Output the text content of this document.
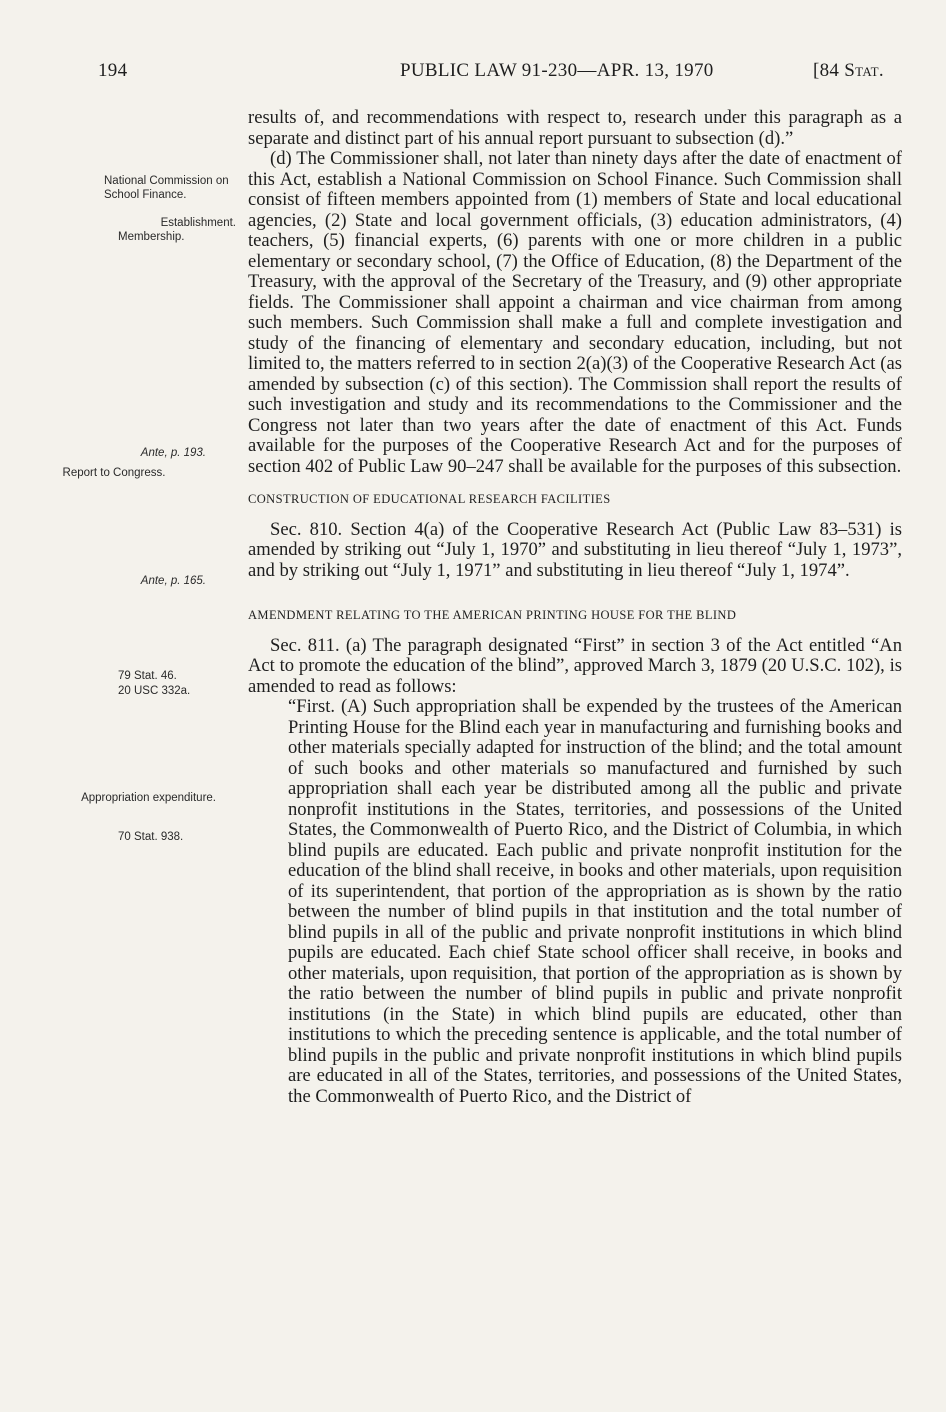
194	PUBLIC LAW 91-230—APR. 13, 1970	[84 Stat.
National Commission on School Finance.
Establishment.
Membership.
Ante, p. 193.
Report to Congress.
Ante, p. 165.
79 Stat. 46.
20 USC 332a.
Appropriation expenditure.
70 Stat. 938.

results of, and recommendations with respect to, research under this paragraph as a separate and distinct part of his annual report pursuant to subsection (d).”

(d) The Commissioner shall, not later than ninety days after the date of enactment of this Act, establish a National Commission on School Finance. Such Commission shall consist of fifteen members appointed from (1) members of State and local educational agencies, (2) State and local government officials, (3) education administrators, (4) teachers, (5) financial experts, (6) parents with one or more children in a public elementary or secondary school, (7) the Office of Education, (8) the Department of the Treasury, with the approval of the Secretary of the Treasury, and (9) other appropriate fields. The Commissioner shall appoint a chairman and vice chairman from among such members. Such Commission shall make a full and complete investigation and study of the financing of elementary and secondary education, including, but not limited to, the matters referred to in section 2(a)(3) of the Cooperative Research Act (as amended by subsection (c) of this section). The Commission shall report the results of such investigation and study and its recommendations to the Commissioner and the Congress not later than two years after the date of enactment of this Act. Funds available for the purposes of the Cooperative Research Act and for the purposes of section 402 of Public Law 90–247 shall be available for the purposes of this subsection.

CONSTRUCTION OF EDUCATIONAL RESEARCH FACILITIES

Sec. 810. Section 4(a) of the Cooperative Research Act (Public Law 83–531) is amended by striking out “July 1, 1970” and substituting in lieu thereof “July 1, 1973”, and by striking out “July 1, 1971” and substituting in lieu thereof “July 1, 1974”.

AMENDMENT RELATING TO THE AMERICAN PRINTING HOUSE FOR THE BLIND

Sec. 811. (a) The paragraph designated “First” in section 3 of the Act entitled “An Act to promote the education of the blind”, approved March 3, 1879 (20 U.S.C. 102), is amended to read as follows:

“First. (A) Such appropriation shall be expended by the trustees of the American Printing House for the Blind each year in manufacturing and furnishing books and other materials specially adapted for instruction of the blind; and the total amount of such books and other materials so manufactured and furnished by such appropriation shall each year be distributed among all the public and private nonprofit institutions in the States, territories, and possessions of the United States, the Commonwealth of Puerto Rico, and the District of Columbia, in which blind pupils are educated. Each public and private nonprofit institution for the education of the blind shall receive, in books and other materials, upon requisition of its superintendent, that portion of the appropriation as is shown by the ratio between the number of blind pupils in that institution and the total number of blind pupils in all of the public and private nonprofit institutions in which blind pupils are educated. Each chief State school officer shall receive, in books and other materials, upon requisition, that portion of the appropriation as is shown by the ratio between the number of blind pupils in public and private nonprofit institutions (in the State) in which blind pupils are educated, other than institutions to which the preceding sentence is applicable, and the total number of blind pupils in the public and private nonprofit institutions in which blind pupils are educated in all of the States, territories, and possessions of the United States, the Commonwealth of Puerto Rico, and the District of
